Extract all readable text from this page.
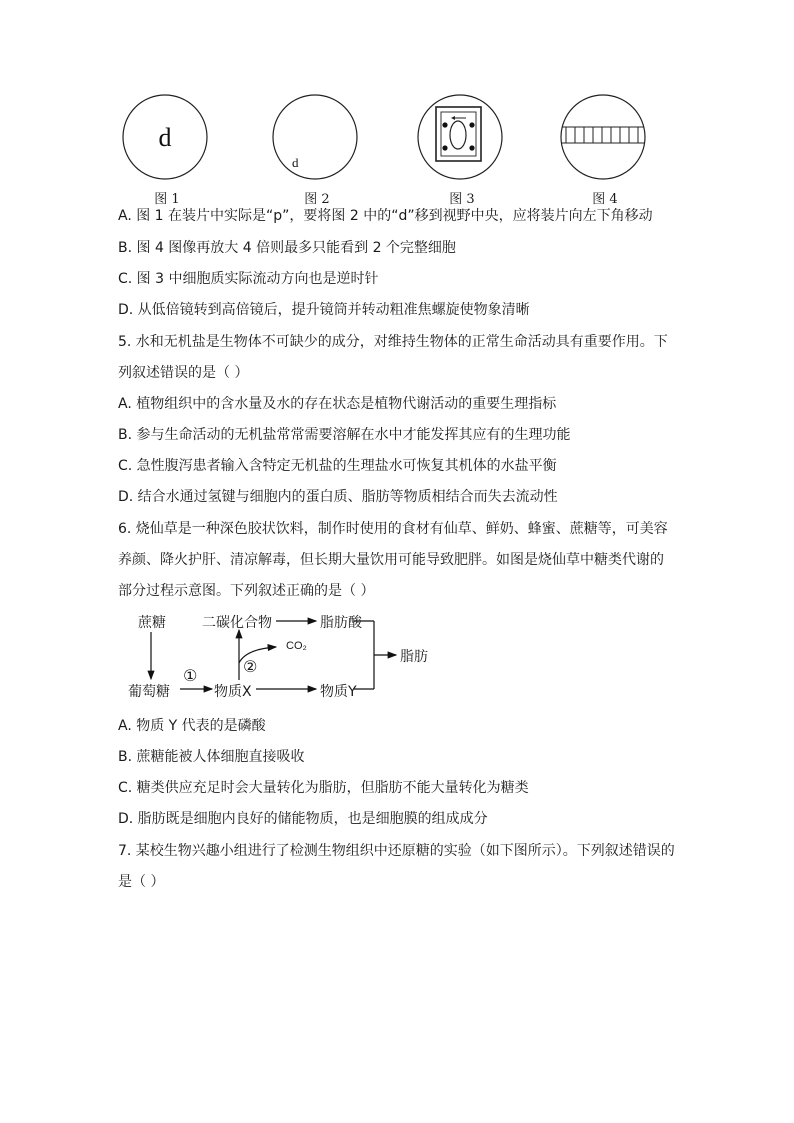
d
图 1
d
图 2	图 3	图 4
A. 图 1 在装片中实际是“p”，要将图 2 中的“d”移到视野中央，应将装片向左下角移动
B. 图 4 图像再放大 4 倍则最多只能看到 2 个完整细胞
C. 图 3 中细胞质实际流动方向也是逆时针
D. 从低倍镜转到高倍镜后，提升镜筒并转动粗准焦螺旋使物象清晰
5. 水和无机盐是生物体不可缺少的成分，对维持生物体的正常生命活动具有重要作用。下
列叙述错误的是（ ）
A. 植物组织中的含水量及水的存在状态是植物代谢活动的重要生理指标
B. 参与生命活动的无机盐常常需要溶解在水中才能发挥其应有的生理功能
C. 急性腹泻患者输入含特定无机盐的生理盐水可恢复其机体的水盐平衡
D. 结合水通过氢键与细胞内的蛋白质、脂肪等物质相结合而失去流动性
6. 烧仙草是一种深色胶状饮料，制作时使用的食材有仙草、鲜奶、蜂蜜、蔗糖等，可美容
养颜、降火护肝、清凉解毒，但长期大量饮用可能导致肥胖。如图是烧仙草中糖类代谢的
部分过程示意图。下列叙述正确的是（ ）
蔗糖
葡萄糖
①
物质X
②
二碳化合物
CO₂
脂肪酸
物质Y
脂肪
A. 物质 Y 代表的是磷酸
B. 蔗糖能被人体细胞直接吸收
C. 糖类供应充足时会大量转化为脂肪，但脂肪不能大量转化为糖类
D. 脂肪既是细胞内良好的储能物质，也是细胞膜的组成成分
7. 某校生物兴趣小组进行了检测生物组织中还原糖的实验（如下图所示）。下列叙述错误的
是（ ）
